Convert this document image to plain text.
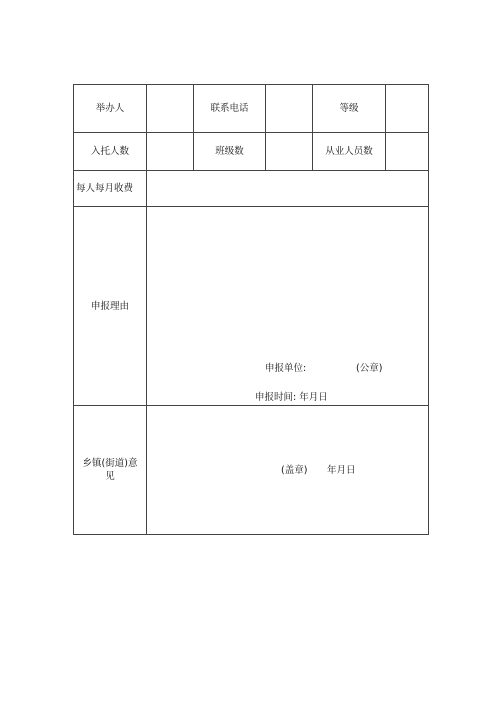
举办人	联系电话	等级
入托人数	班级数	从业人员数
每人每月收费
申报理由
申报单位:	(公章)
申报时间: 年月日
乡镇(街道)意见
(盖章) 年月日
